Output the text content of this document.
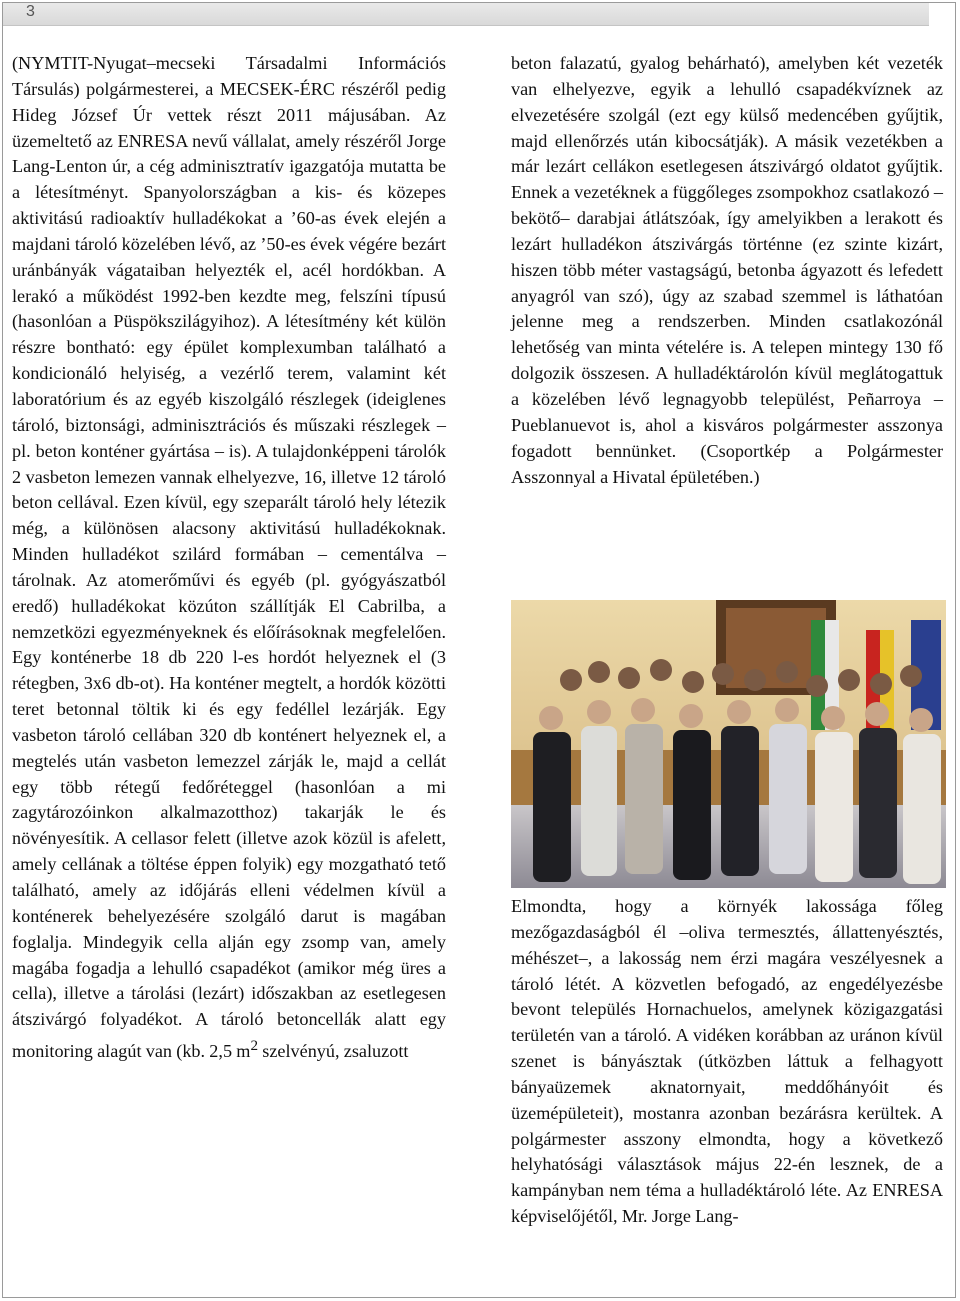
3

(NYMTIT-Nyugat–mecseki Társadalmi Információs Társulás) polgármesterei, a MECSEK-ÉRC részéről pedig Hideg József Úr vettek részt 2011 májusában. Az üzemeltető az ENRESA nevű vállalat, amely részéről Jorge Lang-Lenton úr, a cég adminisztratív igazgatója mutatta be a létesítményt. Spanyolországban a kis- és közepes aktivitású radioaktív hulladékokat a ’60-as évek elején a majdani tároló közelében lévő, az ’50-es évek végére bezárt uránbányák vágataiban helyezték el, acél hordókban. A lerakó a működést 1992-ben kezdte meg, felszíni típusú (hasonlóan a Püspökszilágyihoz). A létesítmény két külön részre bontható: egy épület komplexumban található a kondicionáló helyiség, a vezérlő terem, valamint két laboratórium és az egyéb kiszolgáló részlegek (ideiglenes tároló, biztonsági, adminisztrációs és műszaki részlegek – pl. beton konténer gyártása – is). A tulajdonképpeni tárolók 2 vasbeton lemezen vannak elhelyezve, 16, illetve 12 tároló beton cellával. Ezen kívül, egy szeparált tároló hely létezik még, a különösen alacsony aktivitású hulladékoknak. Minden hulladékot szilárd formában – cementálva – tárolnak. Az atomerőművi és egyéb (pl. gyógyászatból eredő) hulladékokat közúton szállítják El Cabrilba, a nemzetközi egyezményeknek és előírásoknak megfelelően. Egy konténerbe 18 db 220 l-es hordót helyeznek el (3 rétegben, 3x6 db-ot). Ha konténer megtelt, a hordók közötti teret betonnal töltik ki és egy fedéllel lezárják. Egy vasbeton tároló cellában 320 db konténert helyeznek el, a megtelés után vasbeton lemezzel zárják le, majd a cellát egy több rétegű fedőréteggel (hasonlóan a mi zagytározóinkon alkalmazotthoz) takarják le és növényesítik. A cellasor felett (illetve azok közül is afelett, amely cellának a töltése éppen folyik) egy mozgatható tető található, amely az időjárás elleni védelmen kívül a konténerek behelyezésére szolgáló darut is magában foglalja. Mindegyik cella alján egy zsomp van, amely magába fogadja a lehulló csapadékot (amikor még üres a cella), illetve a tárolási (lezárt) időszakban az esetlegesen átszivárgó folyadékot. A tároló betoncellák alatt egy monitoring alagút van (kb. 2,5 $m^2$ szelvényú, zsaluzott

beton falazatú, gyalog behárható), amelyben két vezeték van elhelyezve, egyik a lehulló csapadékvíznek az elvezetésére szolgál (ezt egy külső medencében gyűjtik, majd ellenőrzés után kibocsátják). A másik vezetékben a már lezárt cellákon esetlegesen átszivárgó oldatot gyűjtik. Ennek a vezetéknek a függőleges zsompokhoz csatlakozó –bekötő– darabjai átlátszóak, így amelyikben a lerakott és lezárt hulladékon átszivárgás történne (ez szinte kizárt, hiszen több méter vastagságú, betonba ágyazott és lefedett anyagról van szó), úgy az szabad szemmel is láthatóan jelenne meg a rendszerben. Minden csatlakozónál lehetőség van minta vételére is. A telepen mintegy 130 fő dolgozik összesen. A hulladéktárolón kívül meglátogattuk a közelében lévő legnagyobb települést, Peñarroya – Pueblanuevot is, ahol a kisváros polgármester asszonya fogadott bennünket. (Csoportkép a Polgármester Asszonnyal a Hivatal épületében.)

Elmondta, hogy a környék lakossága főleg mezőgazdaságból él –oliva termesztés, állattenyésztés, méhészet–, a lakosság nem érzi magára veszélyesnek a tároló létét. A közvetlen befogadó, az engedélyezésbe bevont település Hornachuelos, amelynek közigazgatási területén van a tároló. A vidéken korábban az uránon kívül szenet is bányásztak (útközben láttuk a felhagyott bányaüzemek aknatornyait, meddőhányóit és üzemépületeit), mostanra azonban bezárásra kerültek. A polgármester asszony elmondta, hogy a következő helyhatósági választások május 22-én lesznek, de a kampányban nem téma a hulladéktároló léte. Az ENRESA képviselőjétől, Mr. Jorge Lang-
